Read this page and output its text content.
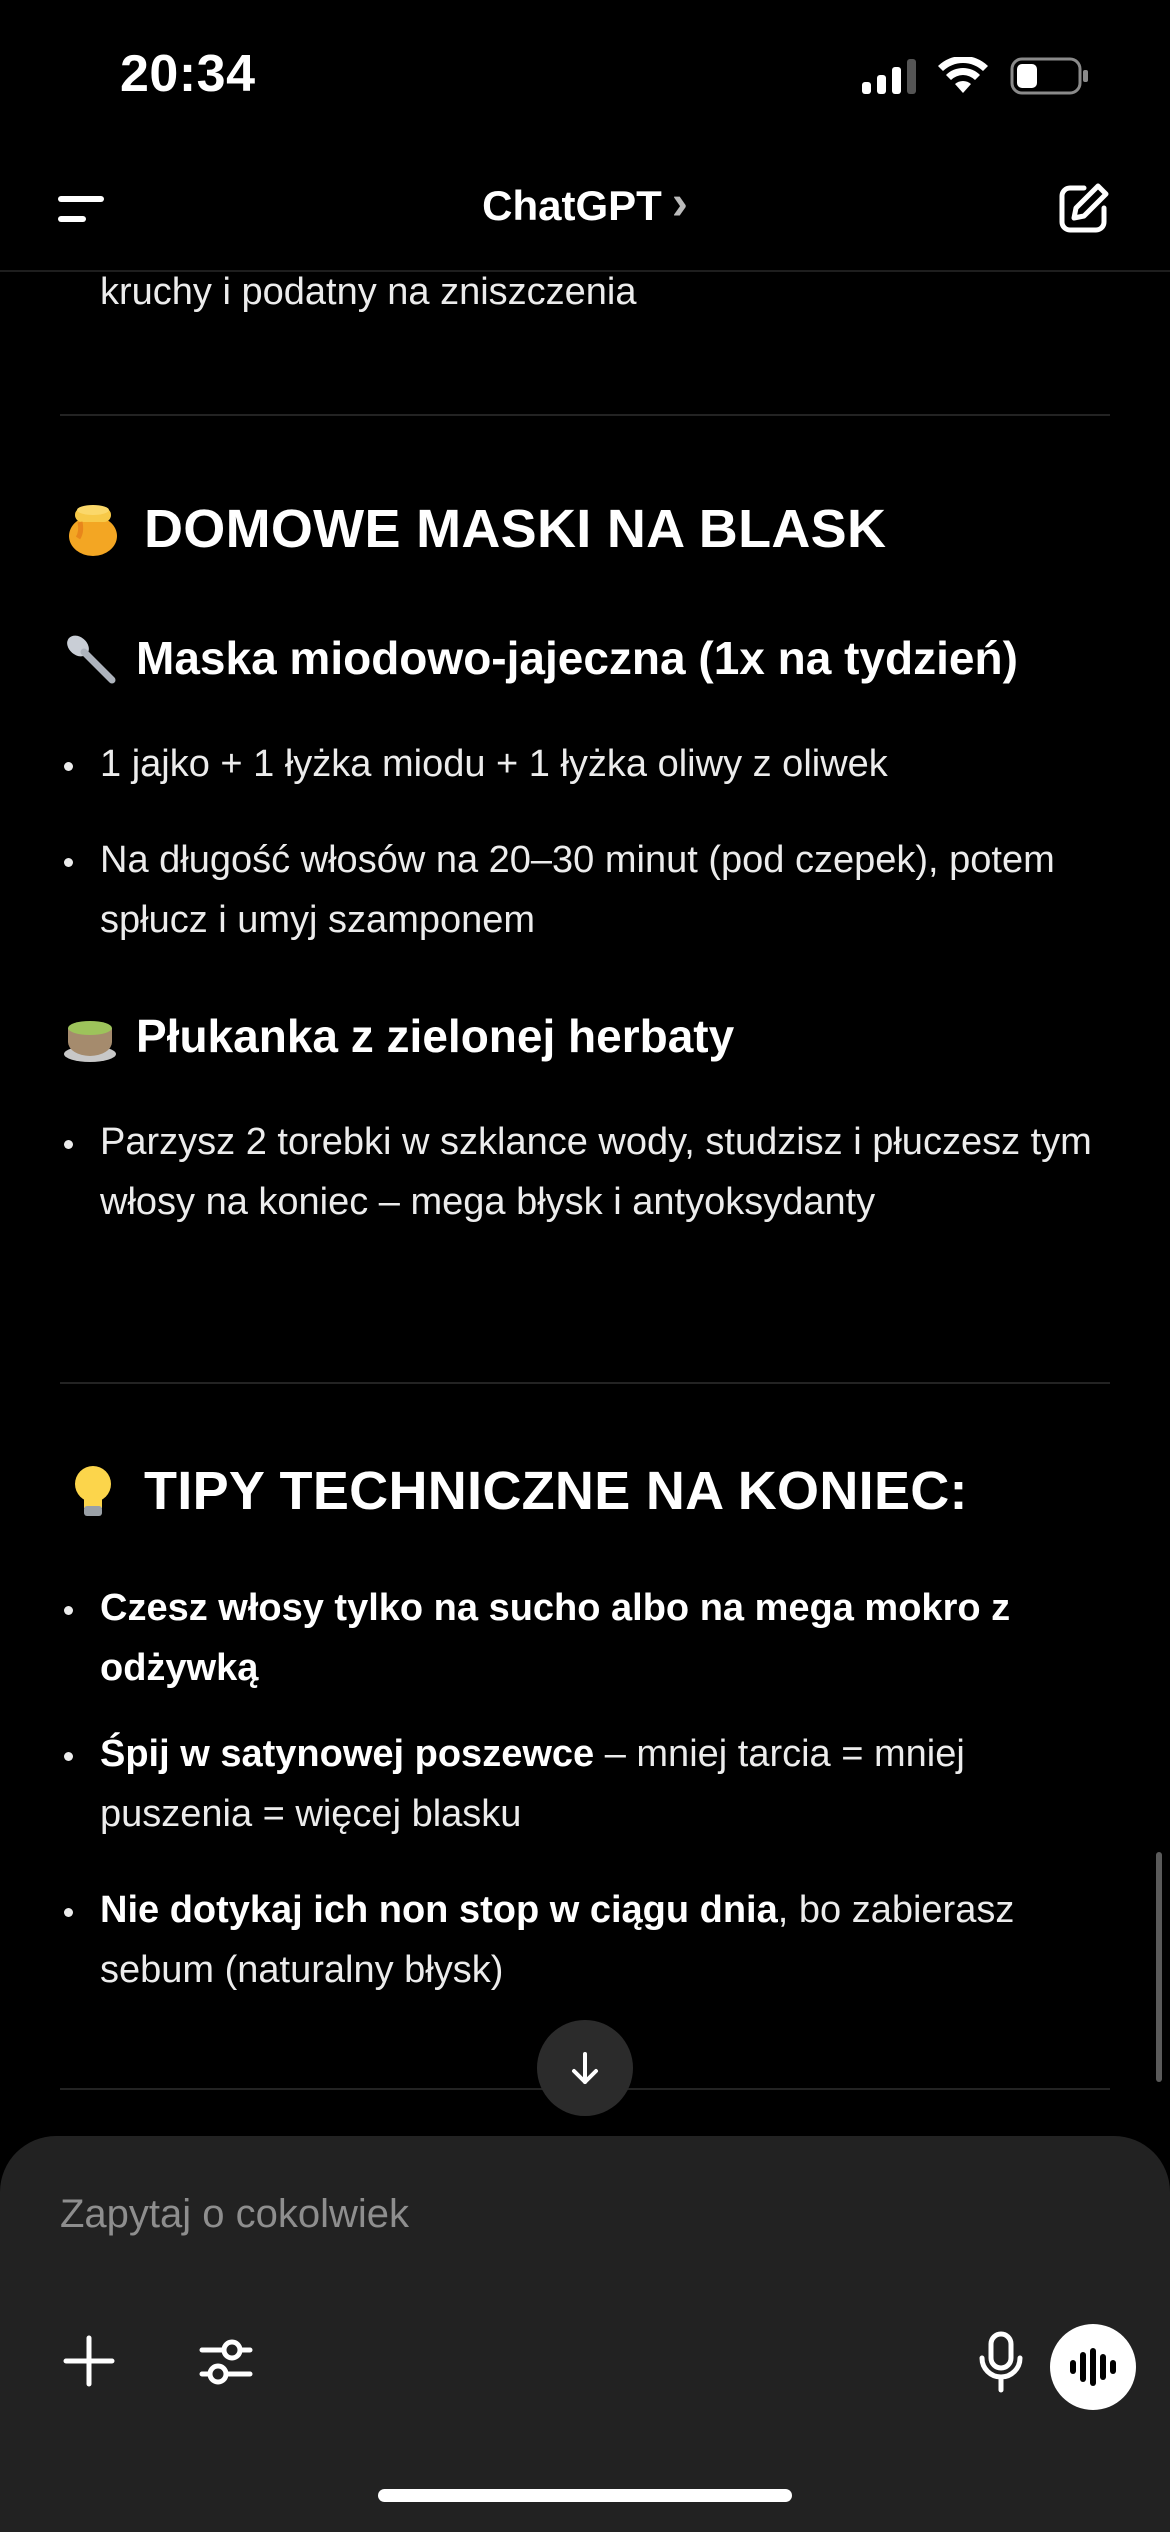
20:34
ChatGPT ›
kruchy i podatny na zniszczenia
DOMOWE MASKI NA BLASK
Maska miodowo-jajeczna (1x na tydzień)
1 jajko + 1 łyżka miodu + 1 łyżka oliwy z oliwek
Na długość włosów na 20–30 minut (pod czepek), potem spłucz i umyj szamponem
Płukanka z zielonej herbaty
Parzysz 2 torebki w szklance wody, studzisz i płuczesz tym włosy na koniec – mega błysk i antyoksydanty
TIPY TECHNICZNE NA KONIEC:
Czesz włosy tylko na sucho albo na mega mokro z odżywką
Śpij w satynowej poszewce – mniej tarcia = mniej puszenia = więcej blasku
Nie dotykaj ich non stop w ciągu dnia, bo zabierasz sebum (naturalny błysk)
Zapytaj o cokolwiek
